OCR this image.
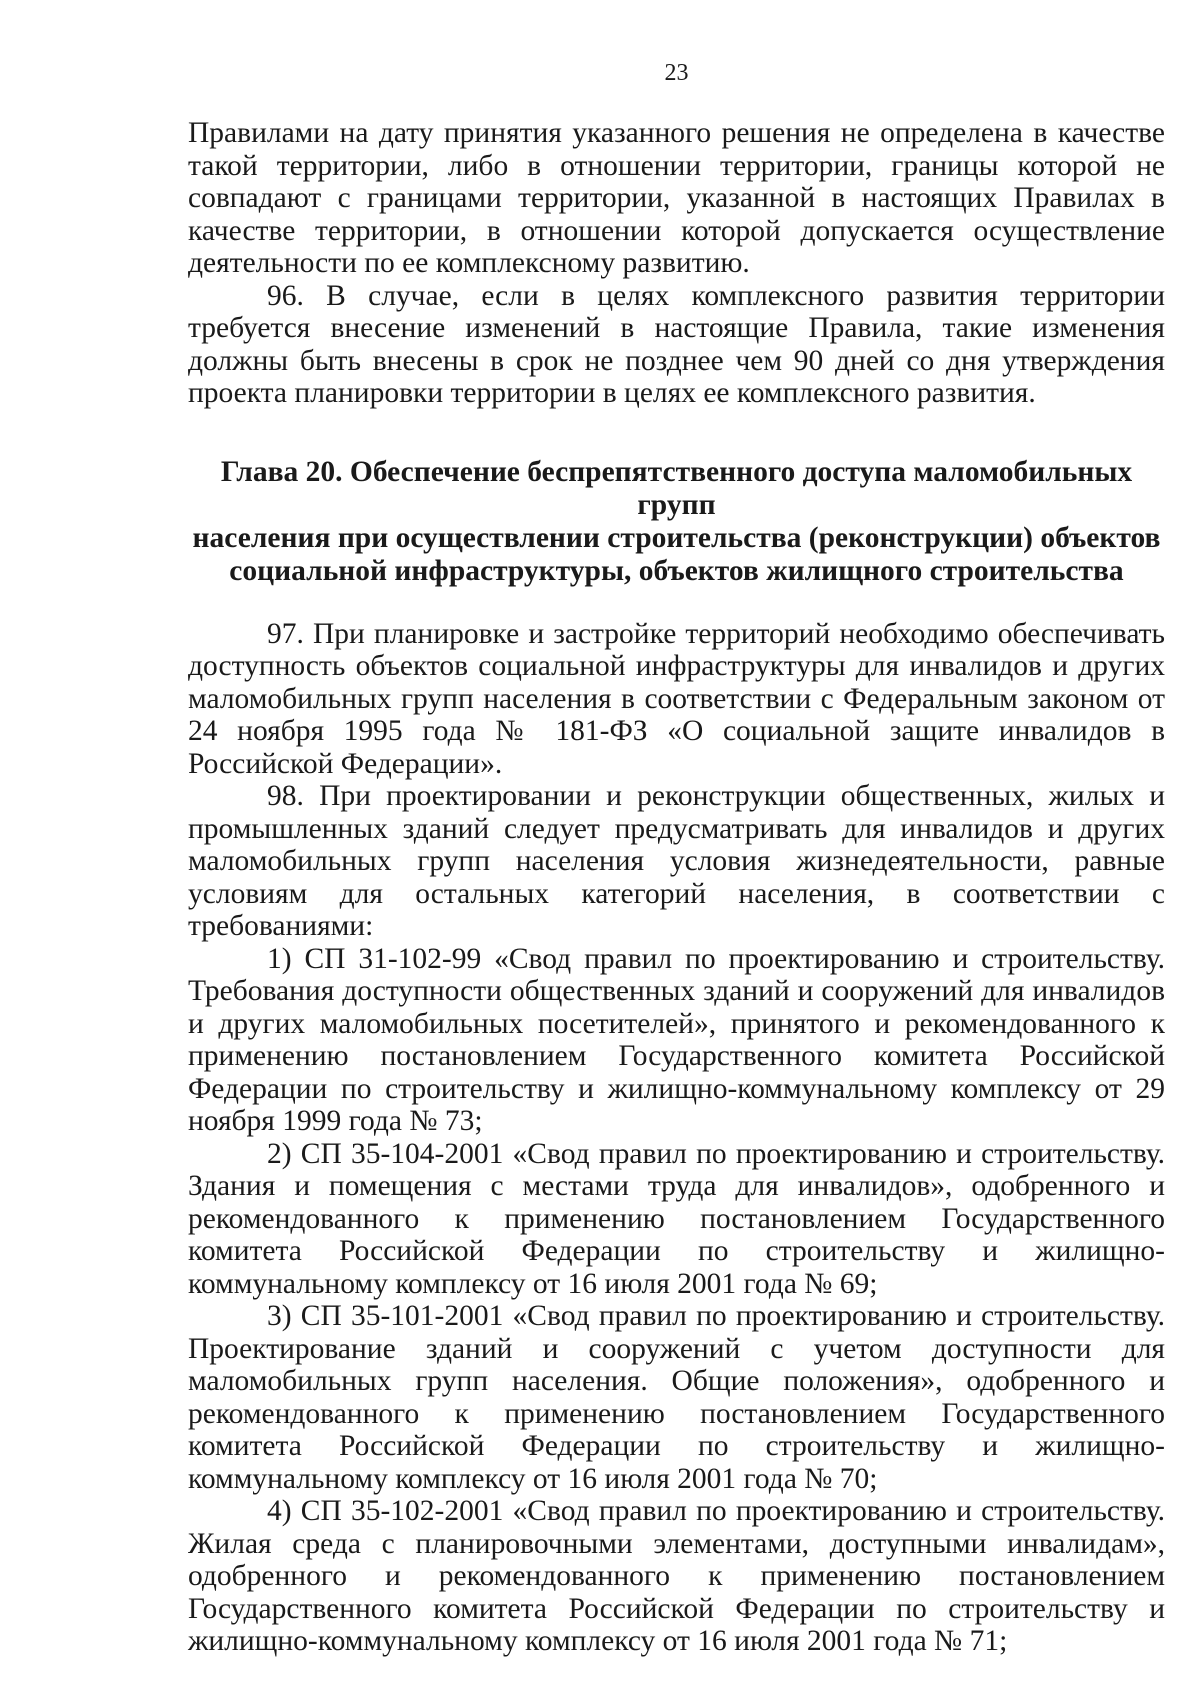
23

Правилами на дату принятия указанного решения не определена в качестве такой территории, либо в отношении территории, границы которой не совпадают с границами территории, указанной в настоящих Правилах в качестве территории, в отношении которой допускается осуществление деятельности по ее комплексному развитию.

96. В случае, если в целях комплексного развития территории требуется внесение изменений в настоящие Правила, такие изменения должны быть внесены в срок не позднее чем 90 дней со дня утверждения проекта планировки территории в целях ее комплексного развития.

Глава 20. Обеспечение беспрепятственного доступа маломобильных групп
населения при осуществлении строительства (реконструкции) объектов
социальной инфраструктуры, объектов жилищного строительства

97. При планировке и застройке территорий необходимо обеспечивать доступность объектов социальной инфраструктуры для инвалидов и других маломобильных групп населения в соответствии с Федеральным законом от 24 ноября 1995 года № 181-ФЗ «О социальной защите инвалидов в Российской Федерации».

98. При проектировании и реконструкции общественных, жилых и промышленных зданий следует предусматривать для инвалидов и других маломобильных групп населения условия жизнедеятельности, равные условиям для остальных категорий населения, в соответствии с требованиями:

1) СП 31-102-99 «Свод правил по проектированию и строительству. Требования доступности общественных зданий и сооружений для инвалидов и других маломобильных посетителей», принятого и рекомендованного к применению постановлением Государственного комитета Российской Федерации по строительству и жилищно-коммунальному комплексу от 29 ноября 1999 года № 73;

2) СП 35-104-2001 «Свод правил по проектированию и строительству. Здания и помещения с местами труда для инвалидов», одобренного и рекомендованного к применению постановлением Государственного комитета Российской Федерации по строительству и жилищно-коммунальному комплексу от 16 июля 2001 года № 69;

3) СП 35-101-2001 «Свод правил по проектированию и строительству. Проектирование зданий и сооружений с учетом доступности для маломобильных групп населения. Общие положения», одобренного и рекомендованного к применению постановлением Государственного комитета Российской Федерации по строительству и жилищно-коммунальному комплексу от 16 июля 2001 года № 70;

4) СП 35-102-2001 «Свод правил по проектированию и строительству. Жилая среда с планировочными элементами, доступными инвалидам», одобренного и рекомендованного к применению постановлением Государственного комитета Российской Федерации по строительству и жилищно-коммунальному комплексу от 16 июля 2001 года № 71;
